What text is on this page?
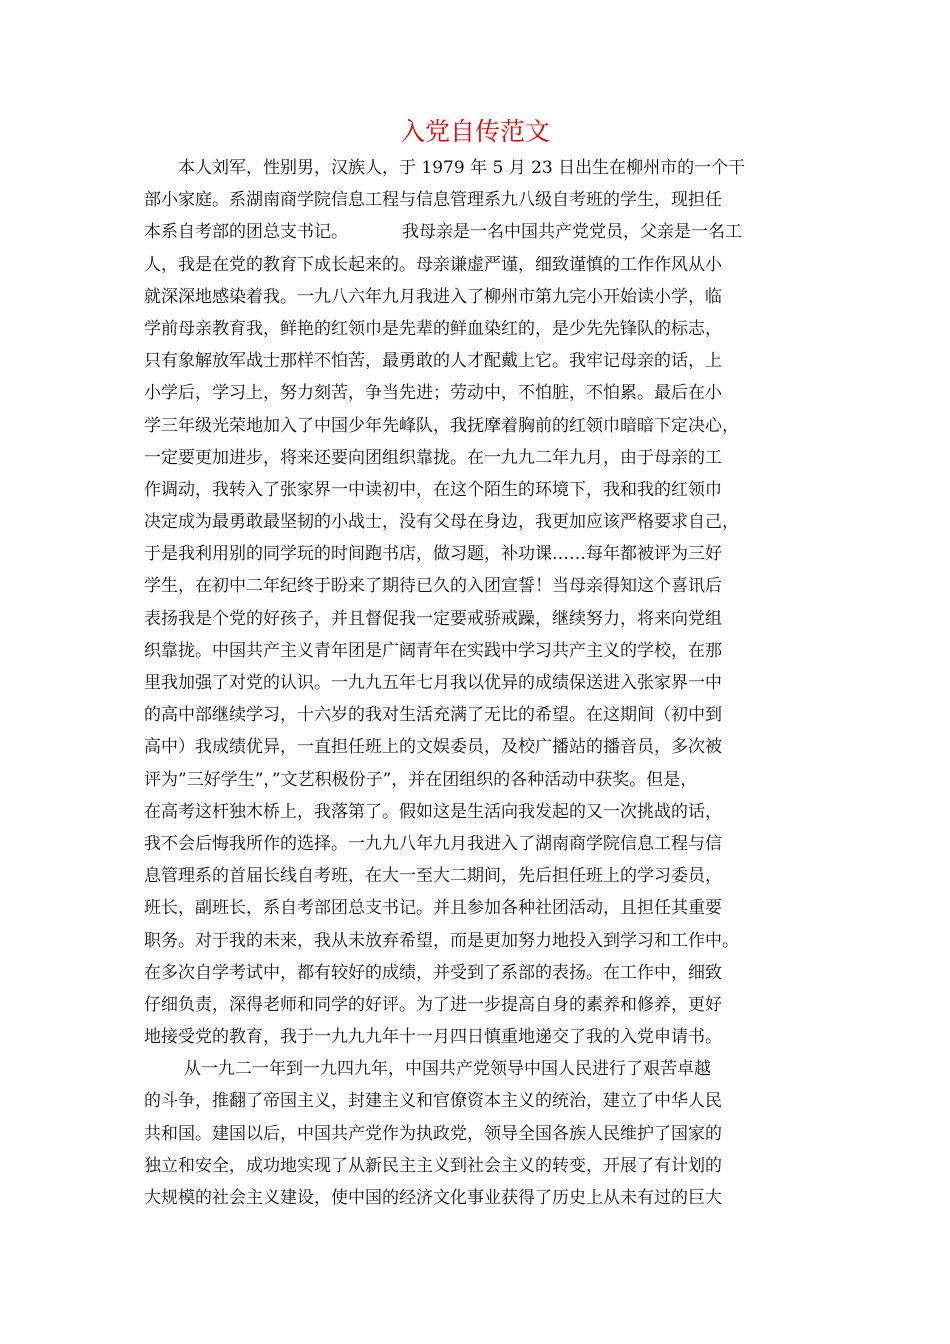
入党自传范文
本人刘军，性别男，汉族人，于 1979 年 5 月 23 日出生在柳州市的一个干
部小家庭。系湖南商学院信息工程与信息管理系九八级自考班的学生，现担任
本系自考部的团总支书记。          我母亲是一名中国共产党党员，父亲是一名工
人，我是在党的教育下成长起来的。母亲谦虚严谨，细致谨慎的工作作风从小
就深深地感染着我。一九八六年九月我进入了柳州市第九完小开始读小学，临
学前母亲教育我，鲜艳的红领巾是先辈的鲜血染红的，是少先先锋队的标志，
只有象解放军战士那样不怕苦，最勇敢的人才配戴上它。我牢记母亲的话，上
小学后，学习上，努力刻苦，争当先进；劳动中，不怕脏，不怕累。最后在小
学三年级光荣地加入了中国少年先峰队，我抚摩着胸前的红领巾暗暗下定决心，
一定要更加进步，将来还要向团组织靠拢。在一九九二年九月，由于母亲的工
作调动，我转入了张家界一中读初中，在这个陌生的环境下，我和我的红领巾
决定成为最勇敢最坚韧的小战士，没有父母在身边，我更加应该严格要求自己，
于是我利用别的同学玩的时间跑书店，做习题，补功课……每年都被评为三好
学生，在初中二年纪终于盼来了期待已久的入团宣誓！当母亲得知这个喜讯后
表扬我是个党的好孩子，并且督促我一定要戒骄戒躁，继续努力，将来向党组
织靠拢。中国共产主义青年团是广阔青年在实践中学习共产主义的学校，在那
里我加强了对党的认识。一九九五年七月我以优异的成绩保送进入张家界一中
的高中部继续学习，十六岁的我对生活充满了无比的希望。在这期间（初中到
高中）我成绩优异，一直担任班上的文娱委员，及校广播站的播音员，多次被
评为”三好学生”，”文艺积极份子”，并在团组织的各种活动中获奖。但是，
在高考这杆独木桥上，我落第了。假如这是生活向我发起的又一次挑战的话，
我不会后悔我所作的选择。一九九八年九月我进入了湖南商学院信息工程与信
息管理系的首届长线自考班，在大一至大二期间，先后担任班上的学习委员，
班长，副班长，系自考部团总支书记。并且参加各种社团活动，且担任其重要
职务。对于我的未来，我从未放弃希望，而是更加努力地投入到学习和工作中。
在多次自学考试中，都有较好的成绩，并受到了系部的表扬。在工作中，细致
仔细负责，深得老师和同学的好评。为了进一步提高自身的素养和修养，更好
地接受党的教育，我于一九九九年十一月四日慎重地递交了我的入党申请书。
从一九二一年到一九四九年，中国共产党领导中国人民进行了艰苦卓越
的斗争，推翻了帝国主义，封建主义和官僚资本主义的统治，建立了中华人民
共和国。建国以后，中国共产党作为执政党，领导全国各族人民维护了国家的
独立和安全，成功地实现了从新民主主义到社会主义的转变，开展了有计划的
大规模的社会主义建设，使中国的经济文化事业获得了历史上从未有过的巨大
